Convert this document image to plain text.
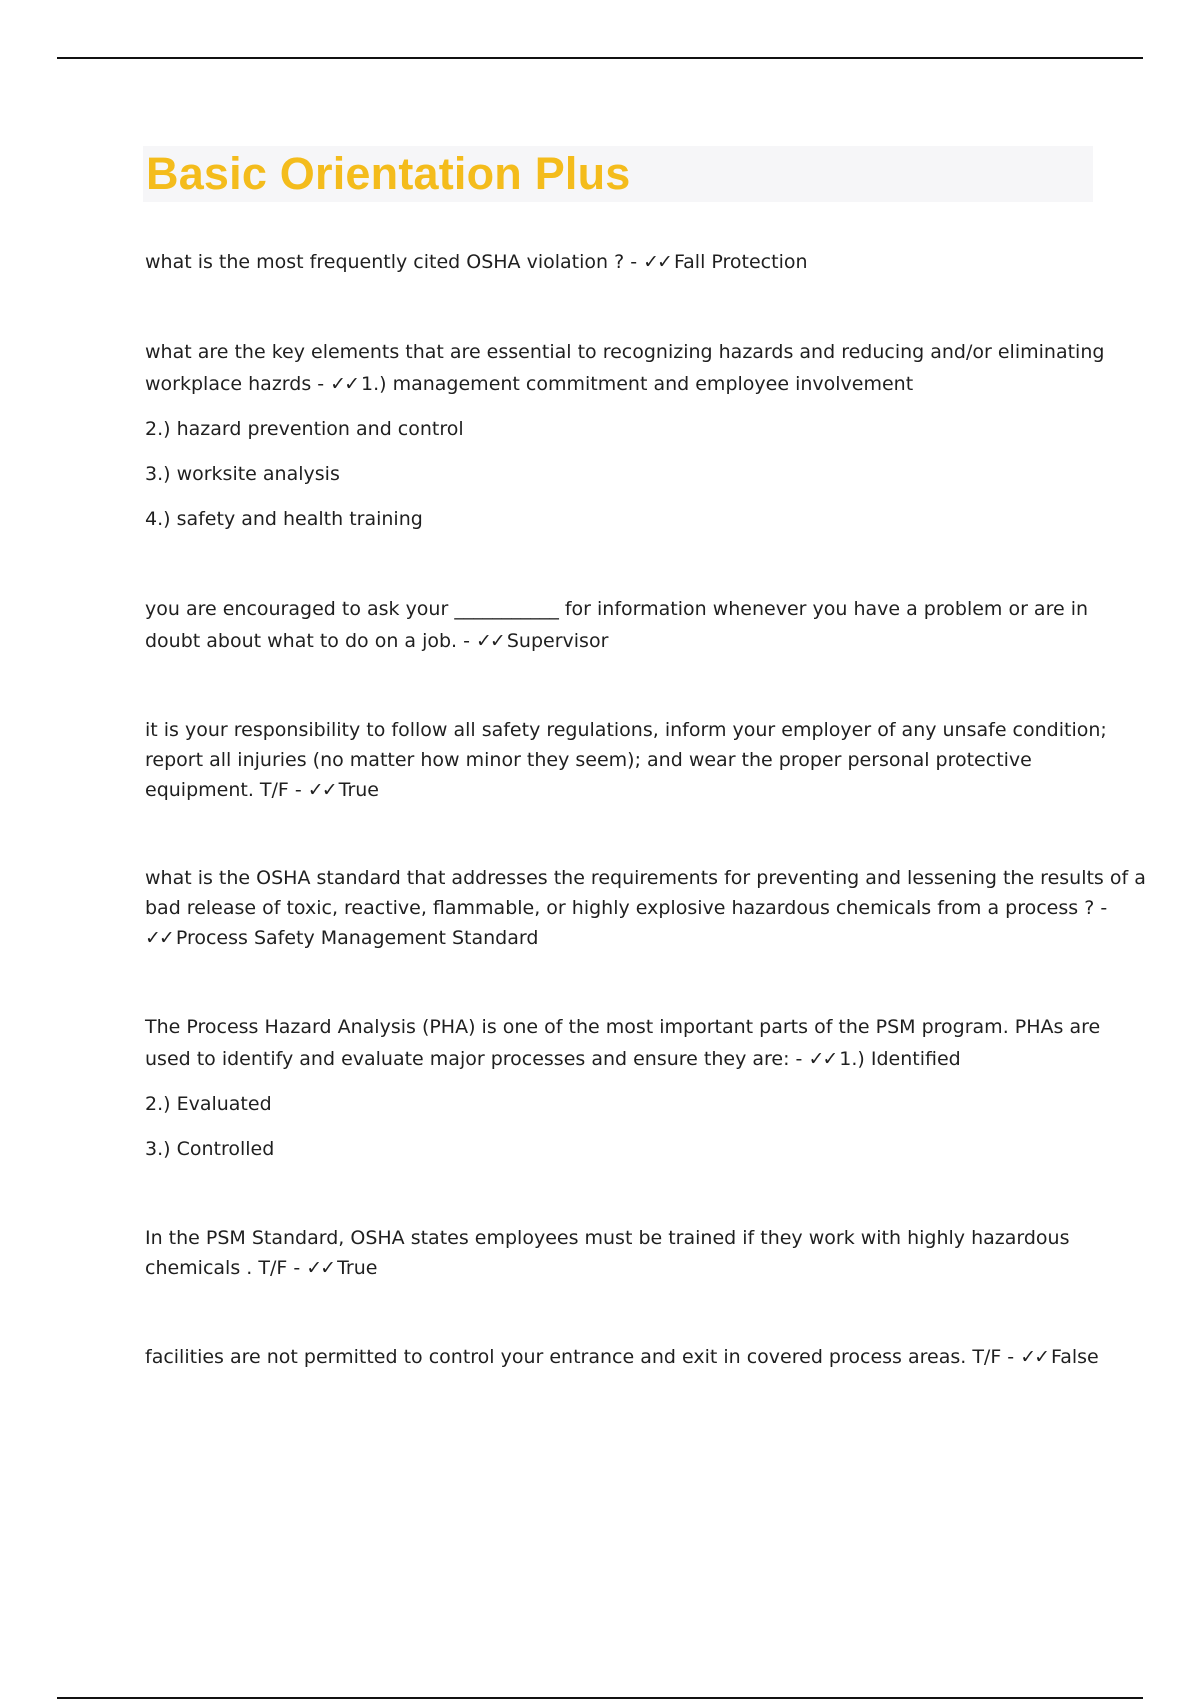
Basic Orientation Plus
what is the most frequently cited OSHA violation ? - ✓✓ Fall Protection
what are the key elements that are essential to recognizing hazards and reducing and/or eliminating
workplace hazrds - ✓✓ 1.) management commitment and employee involvement
2.) hazard prevention and control
3.) worksite analysis
4.) safety and health training
you are encouraged to ask your ___________ for information whenever you have a problem or are in
doubt about what to do on a job. - ✓✓ Supervisor
it is your responsibility to follow all safety regulations, inform your employer of any unsafe condition;
report all injuries (no matter how minor they seem); and wear the proper personal protective
equipment. T/F - ✓✓ True
what is the OSHA standard that addresses the requirements for preventing and lessening the results of a
bad release of toxic, reactive, flammable, or highly explosive hazardous chemicals from a process ? -
✓✓ Process Safety Management Standard
The Process Hazard Analysis (PHA) is one of the most important parts of the PSM program. PHAs are
used to identify and evaluate major processes and ensure they are: - ✓✓ 1.) Identified
2.) Evaluated
3.) Controlled
In the PSM Standard, OSHA states employees must be trained if they work with highly hazardous
chemicals . T/F - ✓✓ True
facilities are not permitted to control your entrance and exit in covered process areas. T/F - ✓✓ False
